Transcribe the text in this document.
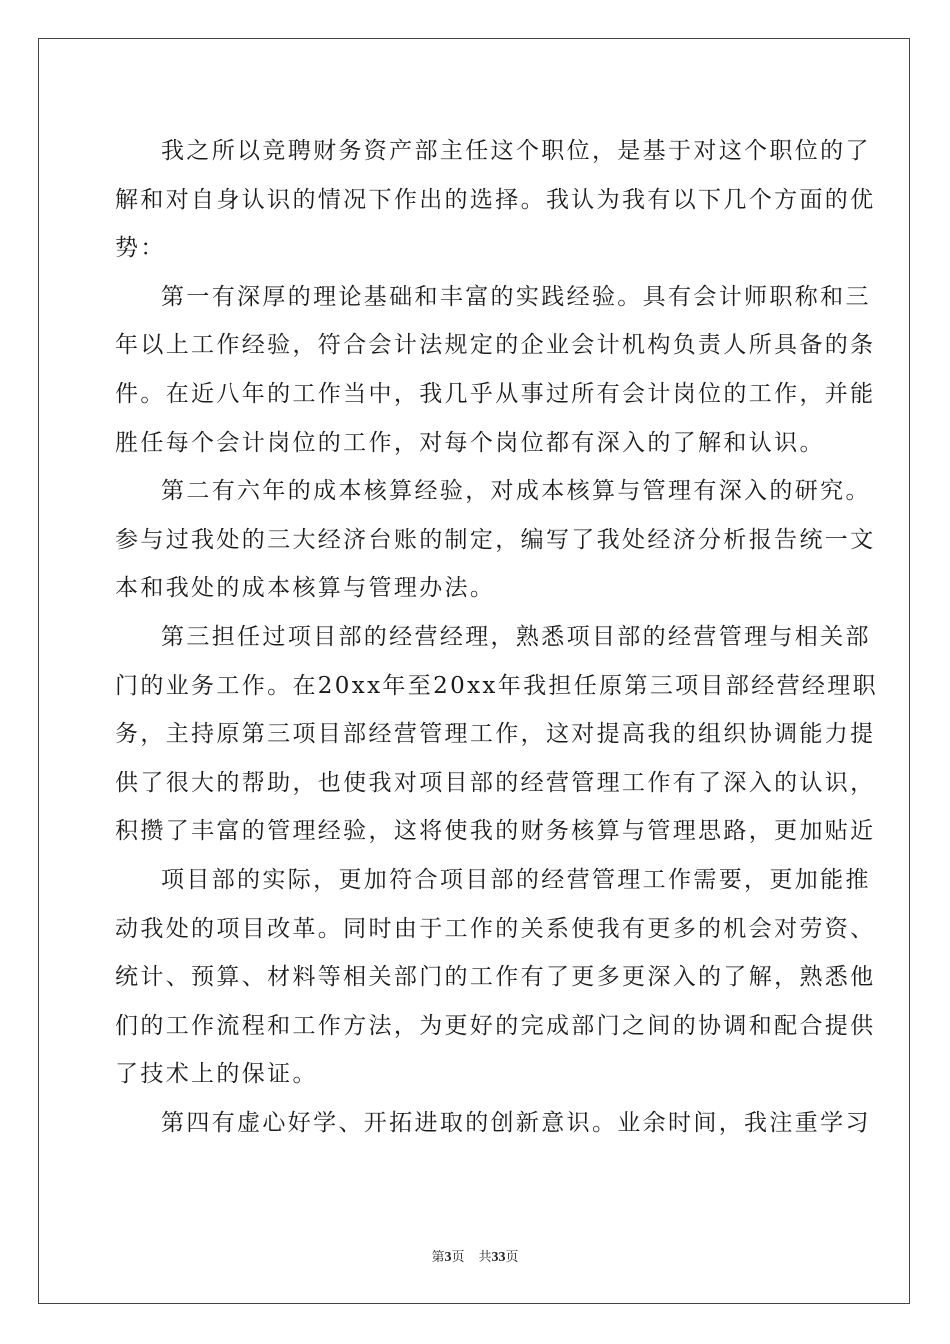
我之所以竞聘财务资产部主任这个职位，是基于对这个职位的了
解和对自身认识的情况下作出的选择。我认为我有以下几个方面的优
势：
第一有深厚的理论基础和丰富的实践经验。具有会计师职称和三
年以上工作经验，符合会计法规定的企业会计机构负责人所具备的条
件。在近八年的工作当中，我几乎从事过所有会计岗位的工作，并能
胜任每个会计岗位的工作，对每个岗位都有深入的了解和认识。
第二有六年的成本核算经验，对成本核算与管理有深入的研究。
参与过我处的三大经济台账的制定，编写了我处经济分析报告统一文
本和我处的成本核算与管理办法。
第三担任过项目部的经营经理，熟悉项目部的经营管理与相关部
门的业务工作。在20xx年至20xx年我担任原第三项目部经营经理职
务，主持原第三项目部经营管理工作，这对提高我的组织协调能力提
供了很大的帮助，也使我对项目部的经营管理工作有了深入的认识，
积攒了丰富的管理经验，这将使我的财务核算与管理思路，更加贴近
项目部的实际，更加符合项目部的经营管理工作需要，更加能推
动我处的项目改革。同时由于工作的关系使我有更多的机会对劳资、
统计、预算、材料等相关部门的工作有了更多更深入的了解，熟悉他
们的工作流程和工作方法，为更好的完成部门之间的协调和配合提供
了技术上的保证。
第四有虚心好学、开拓进取的创新意识。业余时间，我注重学习
第3页 共33页
